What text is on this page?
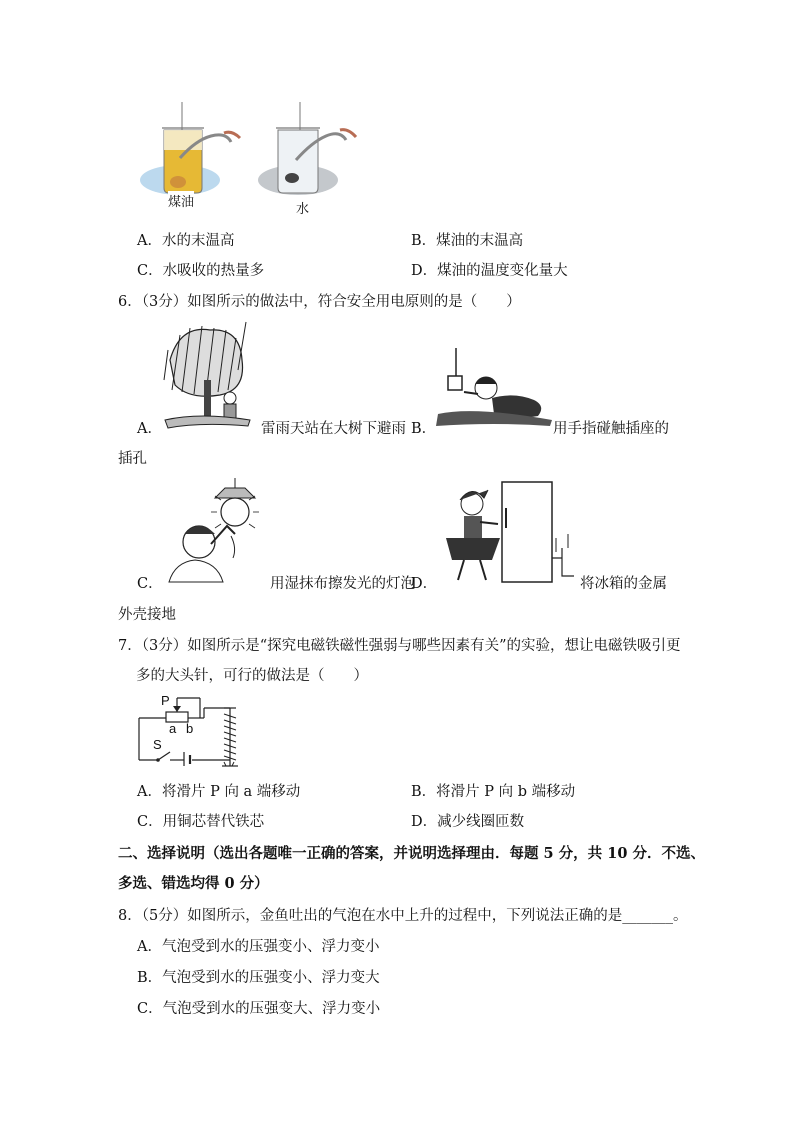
煤油	水
A．水的末温高	B．煤油的末温高
C．水吸收的热量多	D．煤油的温度变化量大
6．（3分）如图所示的做法中，符合安全用电原则的是（　　）
A．	雷雨天站在大树下避雨 B．	用手指碰触插座的
插孔
C．	用湿抹布擦发光的灯泡
D．	将冰箱的金属
外壳接地
7．（3分）如图所示是“探究电磁铁磁性强弱与哪些因素有关”的实验，想让电磁铁吸引更
多的大头针，可行的做法是（　　）
P
a b
S
A．将滑片 P 向 a 端移动	B．将滑片 P 向 b 端移动
C．用铜芯替代铁芯	D．减少线圈匝数
二、选择说明（选出各题唯一正确的答案，并说明选择理由．每题 5 分，共 10 分．不选、
多选、错选均得 0 分）
8．（5分）如图所示，金鱼吐出的气泡在水中上升的过程中，下列说法正确的是_______。
A．气泡受到水的压强变小、浮力变小
B．气泡受到水的压强变小、浮力变大
C．气泡受到水的压强变大、浮力变小
